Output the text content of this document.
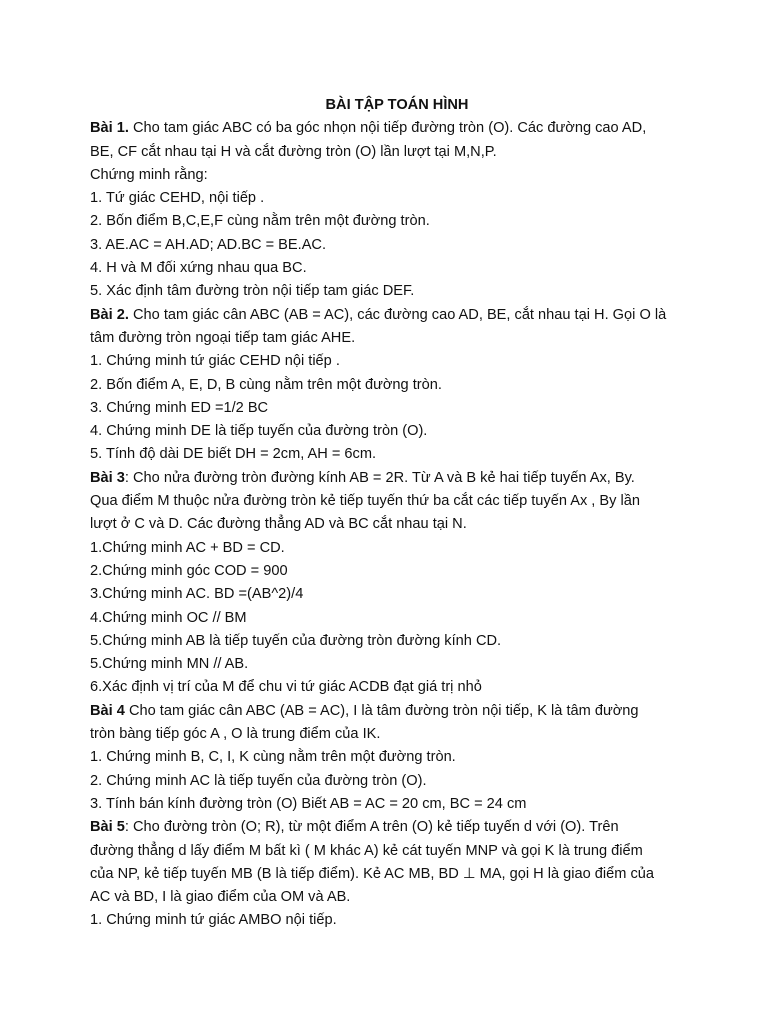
BÀI TẬP TOÁN HÌNH

Bài 1. Cho tam giác ABC có ba góc nhọn nội tiếp đường tròn (O). Các đường cao AD,

BE, CF cắt nhau tại H và cắt đường tròn (O) lần lượt tại M,N,P.

Chứng minh rằng:

1. Tứ giác CEHD, nội tiếp .

2. Bốn điểm B,C,E,F cùng nằm trên một đường tròn.

3. AE.AC = AH.AD; AD.BC = BE.AC.

4. H và M đối xứng nhau qua BC.

5. Xác định tâm đường tròn nội tiếp tam giác DEF.

Bài 2. Cho tam giác cân ABC (AB = AC), các đường cao AD, BE, cắt nhau tại H. Gọi O là

tâm đường tròn ngoại tiếp tam giác AHE.

1. Chứng minh tứ giác CEHD nội tiếp .

2. Bốn điểm A, E, D, B cùng nằm trên một đường tròn.

3. Chứng minh ED =1/2 BC

4. Chứng minh DE là tiếp tuyến của đường tròn (O).

5. Tính độ dài DE biết DH = 2cm, AH = 6cm.

Bài 3: Cho nửa đường tròn đường kính AB = 2R. Từ A và B kẻ hai tiếp tuyến Ax, By.

Qua điểm M thuộc nửa đường tròn kẻ tiếp tuyến thứ ba cắt các tiếp tuyến Ax , By lần

lượt ở C và D. Các đường thẳng AD và BC cắt nhau tại N.

1.Chứng minh AC + BD = CD.

2.Chứng minh góc COD = 900

3.Chứng minh AC. BD =(AB^2)/4

4.Chứng minh OC // BM

5.Chứng minh AB là tiếp tuyến của đường tròn đường kính CD.

5.Chứng minh MN // AB.

6.Xác định vị trí của M để chu vi tứ giác ACDB đạt giá trị nhỏ

Bài 4 Cho tam giác cân ABC (AB = AC), I là tâm đường tròn nội tiếp, K là tâm đường

tròn bàng tiếp góc A , O là trung điểm của IK.

1. Chứng minh B, C, I, K cùng nằm trên một đường tròn.

2. Chứng minh AC là tiếp tuyến của đường tròn (O).

3. Tính bán kính đường tròn (O) Biết AB = AC = 20 cm, BC = 24 cm

Bài 5: Cho đường tròn (O; R), từ một điểm A trên (O) kẻ tiếp tuyến d với (O). Trên

đường thẳng d lấy điểm M bất kì ( M khác A) kẻ cát tuyến MNP và gọi K là trung điểm

của NP, kẻ tiếp tuyến MB (B là tiếp điểm). Kẻ AC MB, BD ⊥ MA, gọi H là giao điểm của

AC và BD, I là giao điểm của OM và AB.

1. Chứng minh tứ giác AMBO nội tiếp.
